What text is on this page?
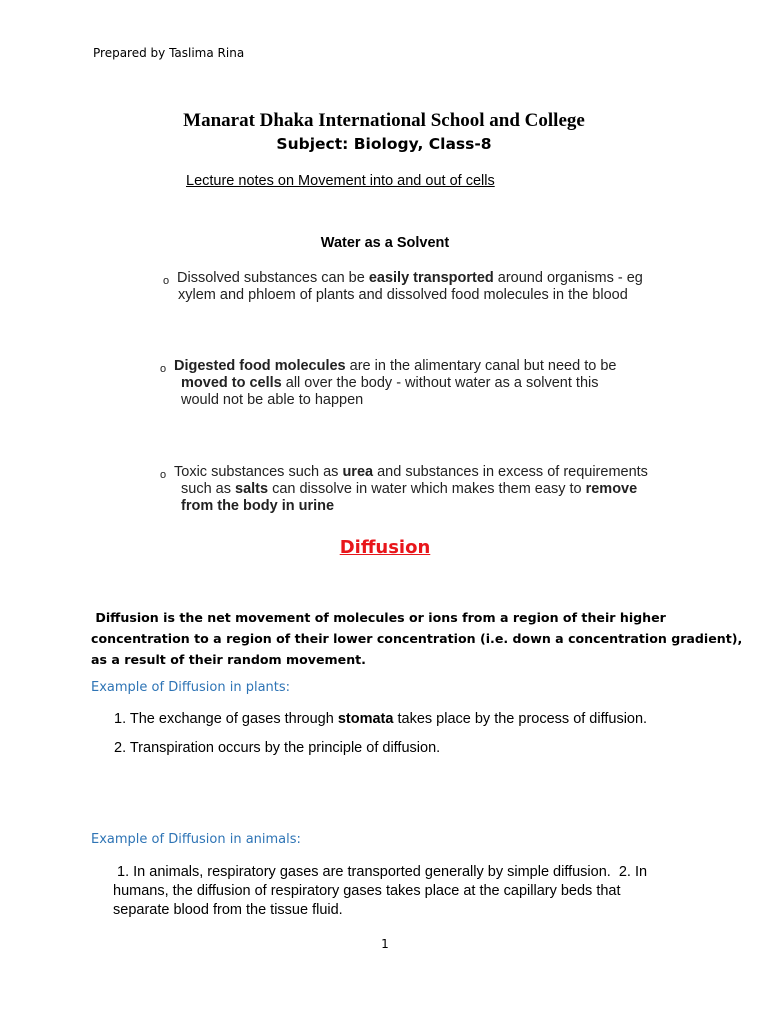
Prepared by Taslima Rina
Manarat Dhaka International School and College
Subject: Biology, Class-8
Lecture notes on Movement into and out of cells
Water as a Solvent
o Dissolved substances can be easily transported around organisms - eg
xylem and phloem of plants and dissolved food molecules in the blood
o Digested food molecules are in the alimentary canal but need to be
moved to cells all over the body - without water as a solvent this
would not be able to happen
o Toxic substances such as urea and substances in excess of requirements
such as salts can dissolve in water which makes them easy to remove
from the body in urine
Diffusion
Diffusion is the net movement of molecules or ions from a region of their higher
concentration to a region of their lower concentration (i.e. down a concentration gradient),
as a result of their random movement.
Example of Diffusion in plants:
1. The exchange of gases through stomata takes place by the process of diffusion.
2. Transpiration occurs by the principle of diffusion.
Example of Diffusion in animals:
1. In animals, respiratory gases are transported generally by simple diffusion.  2. In
humans, the diffusion of respiratory gases takes place at the capillary beds that
separate blood from the tissue fluid.
1
